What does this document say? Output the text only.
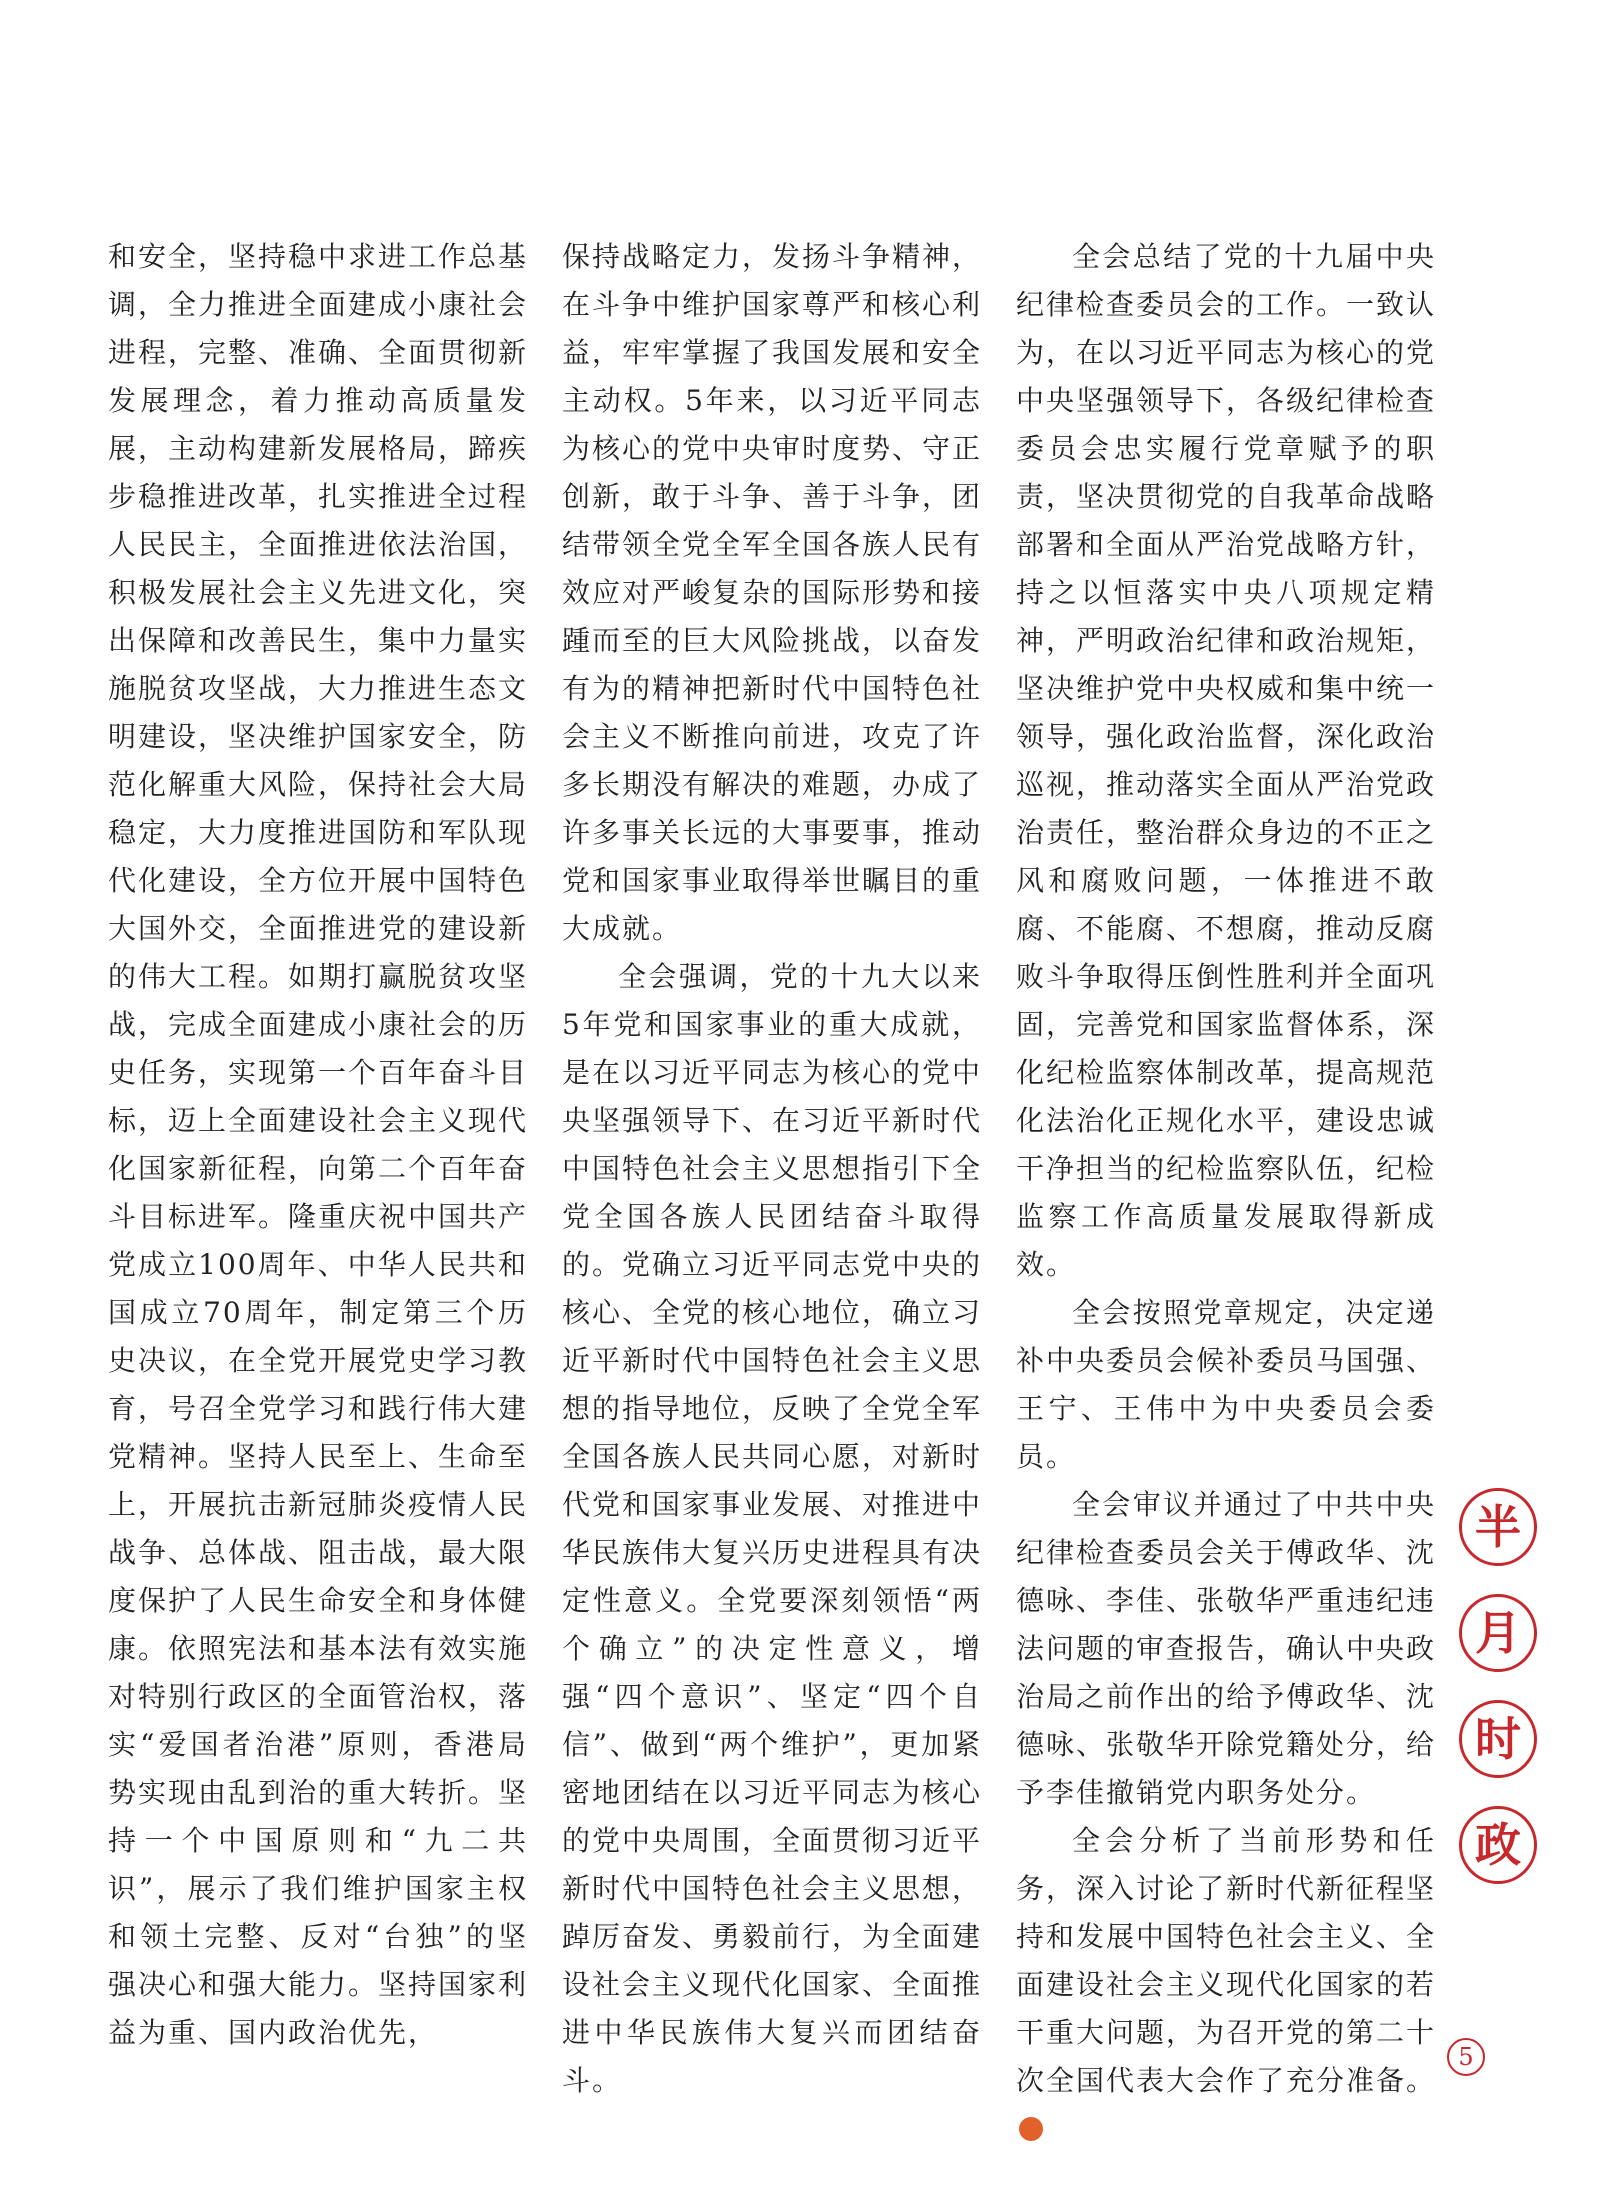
和安全，坚持稳中求进工作总基调，全力推进全面建成小康社会进程，完整、准确、全面贯彻新发展理念，着力推动高质量发展，主动构建新发展格局，蹄疾步稳推进改革，扎实推进全过程人民民主，全面推进依法治国，积极发展社会主义先进文化，突出保障和改善民生，集中力量实施脱贫攻坚战，大力推进生态文明建设，坚决维护国家安全，防范化解重大风险，保持社会大局稳定，大力度推进国防和军队现代化建设，全方位开展中国特色大国外交，全面推进党的建设新的伟大工程。如期打赢脱贫攻坚战，完成全面建成小康社会的历史任务，实现第一个百年奋斗目标，迈上全面建设社会主义现代化国家新征程，向第二个百年奋斗目标进军。隆重庆祝中国共产党成立100周年、中华人民共和国成立70周年，制定第三个历史决议，在全党开展党史学习教育，号召全党学习和践行伟大建党精神。坚持人民至上、生命至上，开展抗击新冠肺炎疫情人民战争、总体战、阻击战，最大限度保护了人民生命安全和身体健康。依照宪法和基本法有效实施对特别行政区的全面管治权，落实“爱国者治港”原则，香港局势实现由乱到治的重大转折。坚持一个中国原则和“九二共识”，展示了我们维护国家主权和领土完整、反对“台独”的坚强决心和强大能力。坚持国家利益为重、国内政治优先，

保持战略定力，发扬斗争精神，在斗争中维护国家尊严和核心利益，牢牢掌握了我国发展和安全主动权。5年来，以习近平同志为核心的党中央审时度势、守正创新，敢于斗争、善于斗争，团结带领全党全军全国各族人民有效应对严峻复杂的国际形势和接踵而至的巨大风险挑战，以奋发有为的精神把新时代中国特色社会主义不断推向前进，攻克了许多长期没有解决的难题，办成了许多事关长远的大事要事，推动党和国家事业取得举世瞩目的重大成就。

全会强调，党的十九大以来5年党和国家事业的重大成就，是在以习近平同志为核心的党中央坚强领导下、在习近平新时代中国特色社会主义思想指引下全党全国各族人民团结奋斗取得的。党确立习近平同志党中央的核心、全党的核心地位，确立习近平新时代中国特色社会主义思想的指导地位，反映了全党全军全国各族人民共同心愿，对新时代党和国家事业发展、对推进中华民族伟大复兴历史进程具有决定性意义。全党要深刻领悟“两个确立”的决定性意义，增强“四个意识”、坚定“四个自信”、做到“两个维护”，更加紧密地团结在以习近平同志为核心的党中央周围，全面贯彻习近平新时代中国特色社会主义思想，踔厉奋发、勇毅前行，为全面建设社会主义现代化国家、全面推进中华民族伟大复兴而团结奋斗。

全会总结了党的十九届中央纪律检查委员会的工作。一致认为，在以习近平同志为核心的党中央坚强领导下，各级纪律检查委员会忠实履行党章赋予的职责，坚决贯彻党的自我革命战略部署和全面从严治党战略方针，持之以恒落实中央八项规定精神，严明政治纪律和政治规矩，坚决维护党中央权威和集中统一领导，强化政治监督，深化政治巡视，推动落实全面从严治党政治责任，整治群众身边的不正之风和腐败问题，一体推进不敢腐、不能腐、不想腐，推动反腐败斗争取得压倒性胜利并全面巩固，完善党和国家监督体系，深化纪检监察体制改革，提高规范化法治化正规化水平，建设忠诚干净担当的纪检监察队伍，纪检监察工作高质量发展取得新成效。

全会按照党章规定，决定递补中央委员会候补委员马国强、王宁、王伟中为中央委员会委员。

全会审议并通过了中共中央纪律检查委员会关于傅政华、沈德咏、李佳、张敬华严重违纪违法问题的审查报告，确认中央政治局之前作出的给予傅政华、沈德咏、张敬华开除党籍处分，给予李佳撤销党内职务处分。

全会分析了当前形势和任务，深入讨论了新时代新征程坚持和发展中国特色社会主义、全面建设社会主义现代化国家的若干重大问题，为召开党的第二十次全国代表大会作了充分准备。

半
月
时
政
5
